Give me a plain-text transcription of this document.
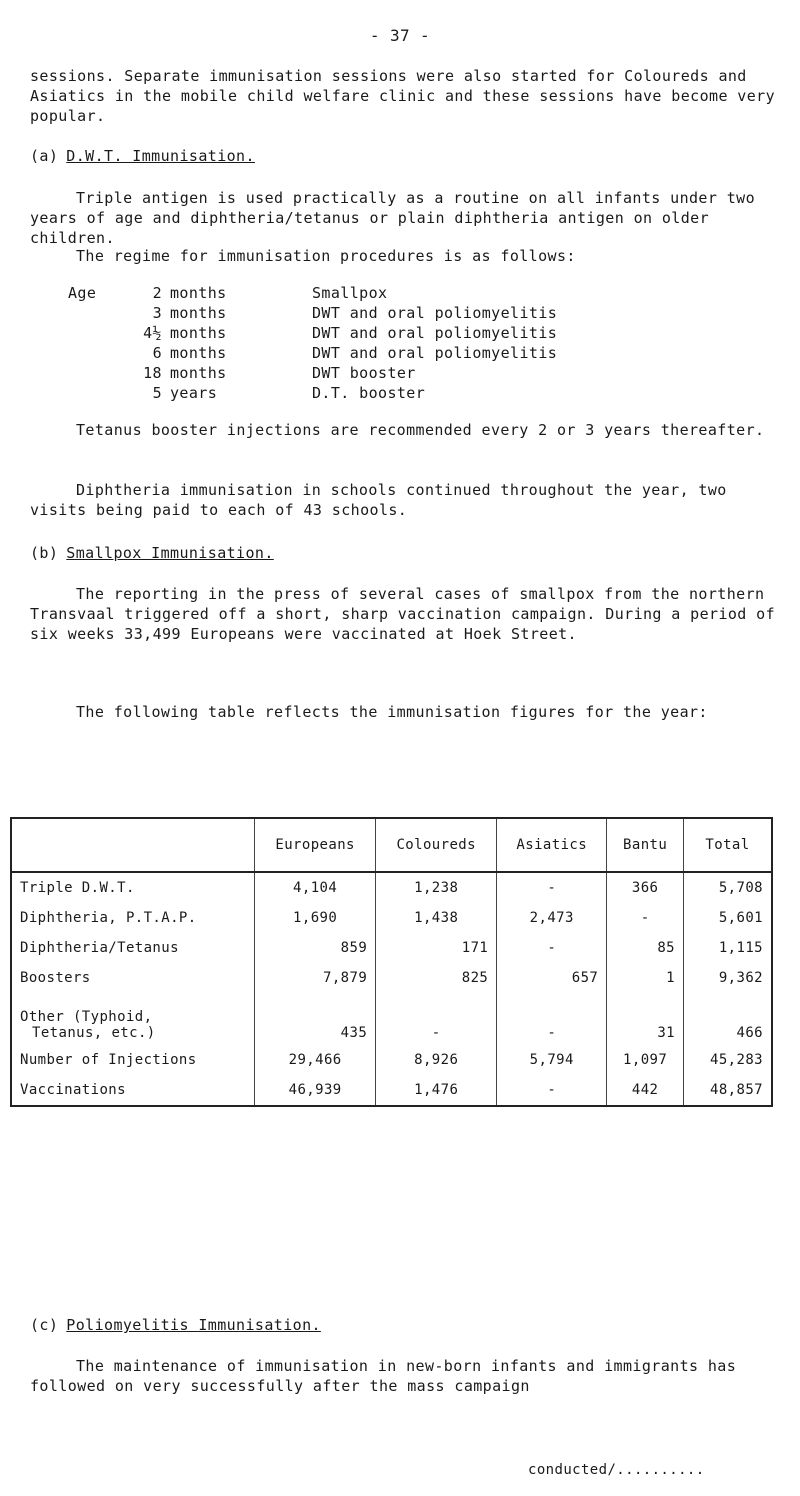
- 37 -

sessions. Separate immunisation sessions were also started for Coloureds and Asiatics in the mobile child welfare clinic and these sessions have become very popular.

(a) D.W.T. Immunisation.

Triple antigen is used practically as a routine on all infants under two years of age and diphtheria/tetanus or plain diphtheria antigen on older children.

The regime for immunisation procedures is as follows:

Age	2 months	Smallpox
3 months	DWT and oral poliomyelitis
4½ months	DWT and oral poliomyelitis
6 months	DWT and oral poliomyelitis
18 months	DWT booster
5 years	D.T. booster

Tetanus booster injections are recommended every 2 or 3 years thereafter.

Diphtheria immunisation in schools continued throughout the year, two visits being paid to each of 43 schools.

(b) Smallpox Immunisation.

The reporting in the press of several cases of smallpox from the northern Transvaal triggered off a short, sharp vaccination campaign. During a period of six weeks 33,499 Europeans were vaccinated at Hoek Street.

The following table reflects the immunisation figures for the year:

	Europeans	Coloureds	Asiatics	Bantu	Total
Triple D.W.T.	4,104	1,238	-	366	5,708
Diphtheria, P.T.A.P.	1,690	1,438	2,473	-	5,601
Diphtheria/Tetanus	859	171	-	85	1,115
Boosters	7,879	825	657	1	9,362

Other (Typhoid,
Tetanus, etc.)	435	-	-	31	466
Number of Injections	29,466	8,926	5,794	1,097	45,283
Vaccinations	46,939	1,476	-	442	48,857
(c) Poliomyelitis Immunisation.

The maintenance of immunisation in new-born infants and immigrants has followed on very successfully after the mass campaign

conducted/..........
